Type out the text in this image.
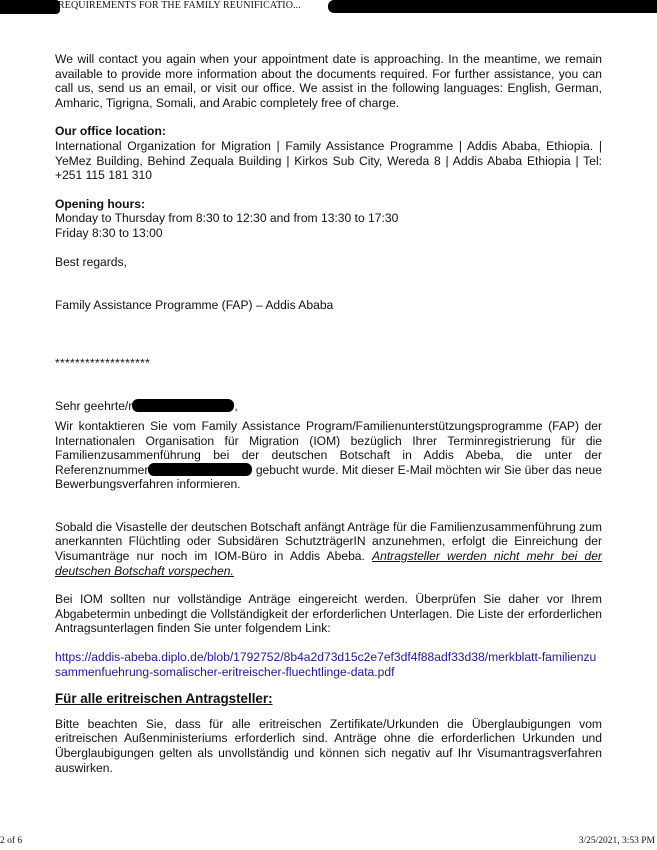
REQUIREMENTS FOR THE FAMILY REUNIFICATIO...

We will contact you again when your appointment date is approaching. In the meantime, we remain available to provide more information about the documents required. For further assistance, you can call us, send us an email, or visit our office. We assist in the following languages: English, German, Amharic, Tigrigna, Somali, and Arabic completely free of charge.

Our office location:

International Organization for Migration | Family Assistance Programme | Addis Ababa, Ethiopia. | YeMez Building, Behind Zequala Building | Kirkos Sub City, Wereda 8 | Addis Ababa Ethiopia | Tel: +251 115 181 310

Opening hours:

Monday to Thursday from 8:30 to 12:30 and from 13:30 to 17:30

Friday 8:30 to 13:00

Best regards,

Family Assistance Programme (FAP) – Addis Ababa

*******************

Sehr geehrte/r	,

Wir kontaktieren Sie vom Family Assistance Program/Familienunterstützungsprogramme (FAP) der Internationalen Organisation für Migration (IOM) bezüglich Ihrer Terminregistrierung für die Familienzusammenführung bei der deutschen Botschaft in Addis Abeba, die unter der Referenznummer	gebucht wurde. Mit dieser E-Mail möchten wir Sie über das neue Bewerbungsverfahren informieren.

Sobald die Visastelle der deutschen Botschaft anfängt Anträge für die Familienzusammenführung zum anerkannten Flüchtling oder Subsidären SchutzträgerIN anzunehmen, erfolgt die Einreichung der Visumanträge nur noch im IOM-Büro in Addis Abeba. Antragsteller werden nicht mehr bei der deutschen Botschaft vorspechen.

Bei IOM sollten nur vollständige Anträge eingereicht werden. Überprüfen Sie daher vor Ihrem Abgabetermin unbedingt die Vollständigkeit der erforderlichen Unterlagen. Die Liste der erforderlichen Antragsunterlagen finden Sie unter folgendem Link:

https://addis-abeba.diplo.de/blob/1792752/8b4a2d73d15c2e7ef3df4f88adf33d38/merkblatt-familienzusammenfuehrung-somalischer-eritreischer-fluechtlinge-data.pdf

Für alle eritreischen Antragsteller:

Bitte beachten Sie, dass für alle eritreischen Zertifikate/Urkunden die Überglaubigungen vom eritreischen Außenministeriums erforderlich sind. Anträge ohne die erforderlichen Urkunden und Überglaubigungen gelten als unvollständig und können sich negativ auf Ihr Visumantragsverfahren auswirken.

2 of 6	3/25/2021, 3:53 PM
